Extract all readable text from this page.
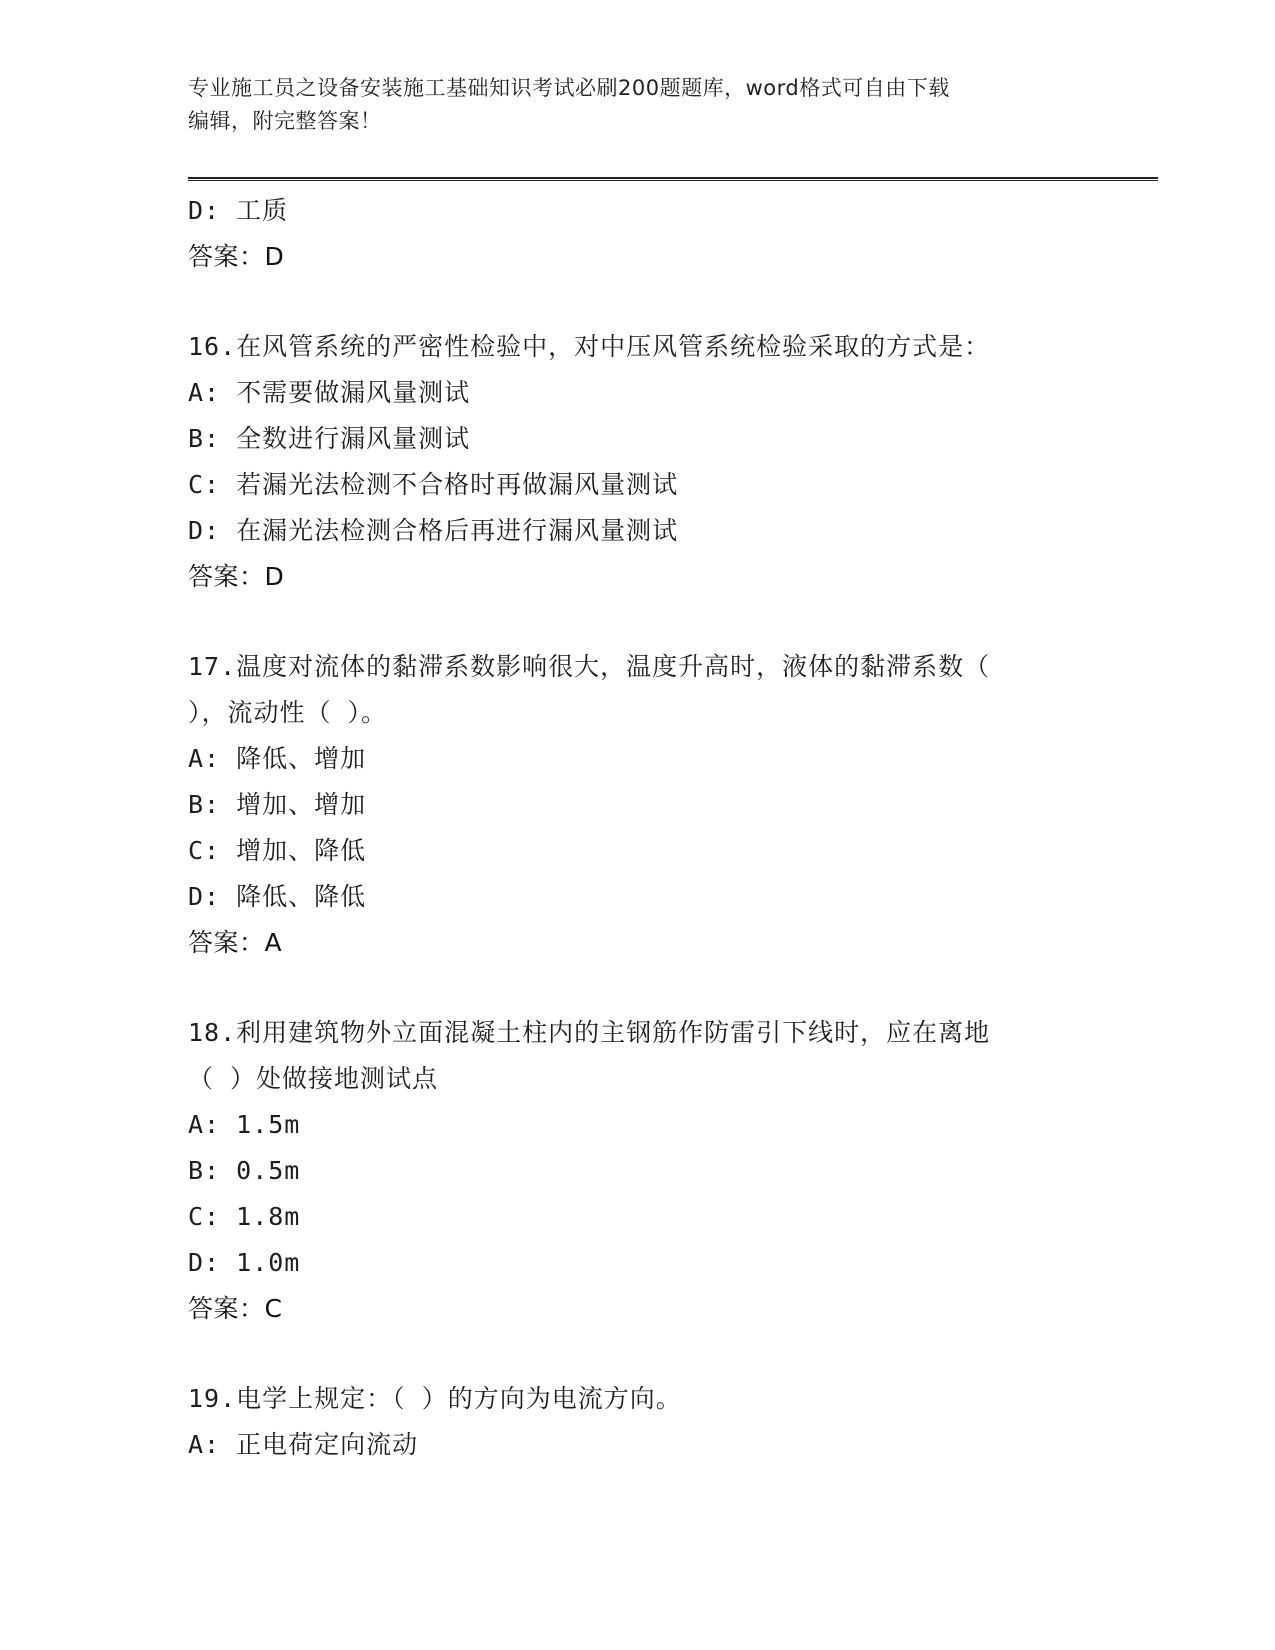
专业施工员之设备安装施工基础知识考试必刷200题题库，word格式可自由下载
编辑，附完整答案！
D: 工质
答案：D
16.在风管系统的严密性检验中，对中压风管系统检验采取的方式是：
A: 不需要做漏风量测试
B: 全数进行漏风量测试
C: 若漏光法检测不合格时再做漏风量测试
D: 在漏光法检测合格后再进行漏风量测试
答案：D
17.温度对流体的黏滞系数影响很大，温度升高时，液体的黏滞系数（
），流动性（ ）。
A: 降低、增加
B: 增加、增加
C: 增加、降低
D: 降低、降低
答案：A
18.利用建筑物外立面混凝土柱内的主钢筋作防雷引下线时，应在离地
（ ）处做接地测试点
A: 1.5m
B: 0.5m
C: 1.8m
D: 1.0m
答案：C
19.电学上规定：（ ）的方向为电流方向。
A: 正电荷定向流动
